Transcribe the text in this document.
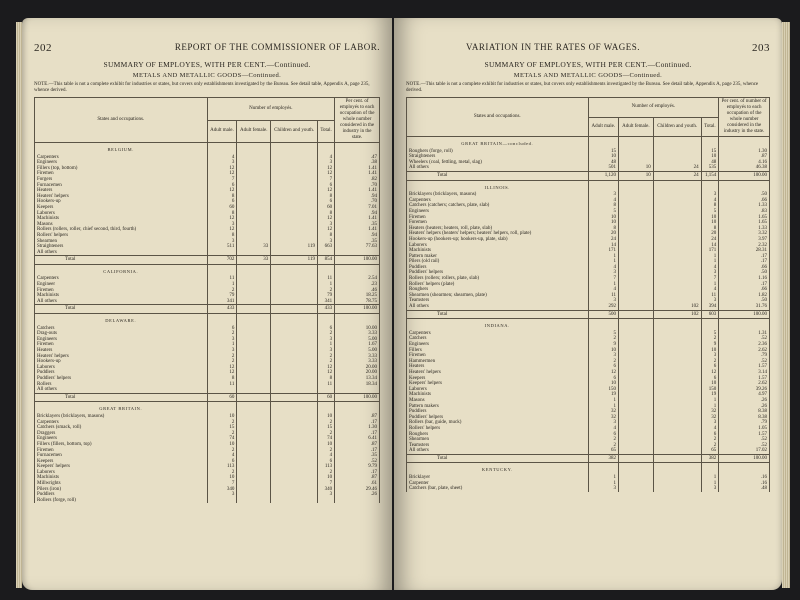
202	REPORT OF THE COMMISSIONER OF LABOR.
SUMMARY OF EMPLOYES, WITH PER CENT.—Continued.
METALS AND METALLIC GOODS—Continued.
NOTE.—This table is not a complete exhibit for industries or states, but covers only establishments investigated by the Bureau. See detail table, Appendix A, page 235, whence derived.
States and occupations.	Number of employés.				Per cent. of employés to each occupation of the whole number considered in the industry in the state.
	Adult male.	Adult female.	Children and youth.	Total.	
BELGIUM.					
Carpenters	4			4	.47
Engineers	3			3	.38
Fillers (top, bottom)	12			12	1.41
Firemen	12			12	1.41
Forgers	7			7	.82
Furnacemen	6			6	.70
Heaters	12			12	1.41
Heaters' helpers	8			8	.94
Hookers-up	6			6	.70
Keepers	60			60	7.01
Laborers	8			8	.94
Machinists	12			12	1.41
Masons	3			3	.35
Rollers (rollers, roller, chief second, third, fourth)	12			12	1.41
Rollers' helpers	8			8	.94
Shearmen	3			3	.35
Straighteners	511	33	119	663	77.63
All others					
Total	702	33	119	854	100.00
CALIFORNIA.					
Carpenters	11			11	2.54
Engineer	1			1	.23
Firemen	2			2	.46
Machinists	79			79	18.25
All others	341			341	78.75
Total	433			433	100.00
DELAWARE.					
Catchers	6			6	10.00
Drag-outs	2			2	3.33
Engineers	3			3	5.00
Firemen	1			1	1.67
Heaters	3			3	5.00
Heaters' helpers	2			2	3.33
Hookers-up	2			2	3.33
Laborers	12			12	20.00
Puddlers	12			12	20.00
Puddlers' helpers	8			8	13.34
Rollers	11			11	18.34
All others					
Total	60			60	100.00
GREAT BRITAIN.					
Bricklayers (bricklayers, masons)	10			10	.87
Carpenters	2			2	.17
Catchers (smack, roll)	15			15	1.30
Draggers	2			2	.17
Engineers	74			74	6.41
Fillers (fillers, bottom, top)	10			10	.87
Firemen	2			2	.17
Furnacemen	4			4	.35
Keepers	6			6	.52
Keepers' helpers	113			113	9.79
Laborers	2			2	.17
Machinists	10			10	.87
Millwrights	7			7	.61
Pilers (iron)	340			340	29.46
Puddlers	3			3	.26
Rollers (forge, roll)					
VARIATION IN THE RATES OF WAGES.	203
SUMMARY OF EMPLOYES, WITH PER CENT.—Continued.
METALS AND METALLIC GOODS—Continued.
NOTE.—This table is not a complete exhibit for industries or states, but covers only establishments investigated by the Bureau. See detail table, Appendix A, page 235, whence derived.
States and occupations.	Number of employés.				Per cent. of number of employés to each occupation of the whole number considered in the industry in the state.
	Adult male.	Adult female.	Children and youth.	Total.	
GREAT BRITAIN—concluded.					
Roughers (forge, roll)	15			15	1.30
Straighteners	10			10	.87
Wheelers (coal, fettling, metal, slag)	48			48	4.16
All others	501	10	24	535	46.38
Total	1,120	10	24	1,154	100.00
ILLINOIS.					
Bricklayers (bricklayers, masons)	3			3	.50
Carpenters	4			4	.66
Catchers (catchers; catchers, plate, slab)	8			8	1.33
Engineers	5			5	.83
Firemen	10			10	1.65
Foremen	10			10	1.65
Heaters (heaters; heaters, roll, plate, slab)	8			8	1.33
Heaters' helpers (heaters' helpers; heaters' helpers, roll, plate)	20			20	3.32
Hookers-up (hookers-up; hookers-up, plate, slab)	24			24	3.97
Laborers	14			14	2.32
Machinists	171			171	28.31
Pattern maker	1			1	.17
Pilers (old rail)	1			1	.17
Puddlers	4			4	.66
Puddlers' helpers	3			3	.50
Rollers (rollers; rollers, plate, slab)	7			7	1.16
Rollers' helpers (plate)	1			1	.17
Roughers	4			4	.66
Shearmen (shearmen; shearmen, plate)	11			11	1.82
Teamsters	3			3	.50
All others	292		102	394	31.76
Total	500		102	603	100.00
INDIANA.					
Carpenters	5			5	1.31
Catchers	2			2	.52
Engineers	9			9	2.36
Fillers	10			10	2.62
Firemen	3			3	.79
Hammermen	2			2	.52
Heaters	6			6	1.57
Heaters' helpers	12			12	3.14
Keepers	6			6	1.57
Keepers' helpers	10			10	2.62
Laborers	150			150	39.26
Machinists	19			19	4.97
Masons	1			1	.26
Pattern makers	1			1	.26
Puddlers	32			32	8.38
Puddlers' helpers	32			32	8.38
Rollers (bar, guide, muck)	3			3	.79
Rollers' helpers	4			4	1.05
Roughers	6			6	1.57
Shearmen	2			2	.52
Teamsters	2			2	.52
All others	65			65	17.02
Total	382			382	100.00
KENTUCKY.					
Bricklayer	1			1	.16
Carpenter	1			1	.16
Catchers (bar, plate, sheet)	3			3	.48
